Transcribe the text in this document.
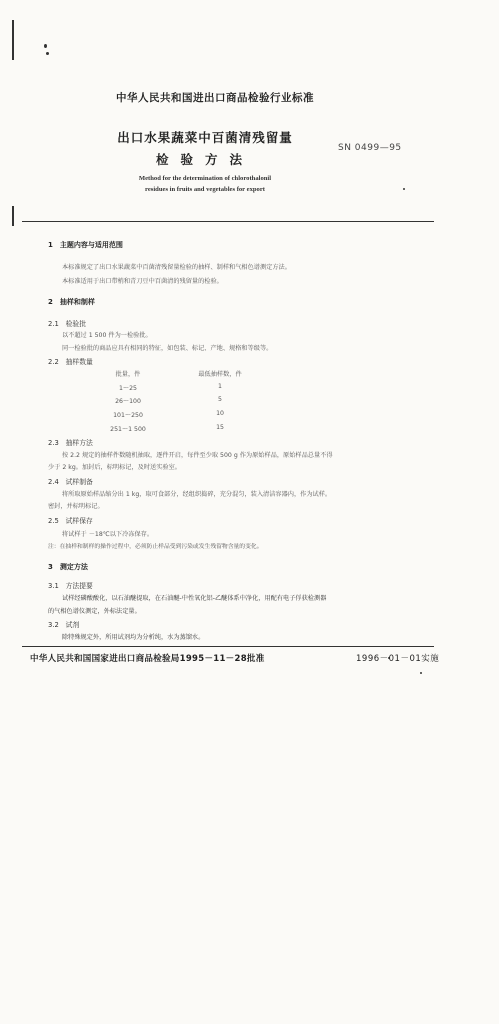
中华人民共和国进出口商品检验行业标准
出口水果蔬菜中百菌清残留量
检验方法
SN 0499—95
Method for the determination of chlorothalonil
residues in fruits and vegetables for export
1　主题内容与适用范围
本标准规定了出口水果蔬菜中百菌清残留量检验的抽样、制样和气相色谱测定方法。
本标准适用于出口带梢和青刀豆中百菌清的残留量的检验。
2　抽样和制样
2.1　检验批
以不超过 1 500 件为一检验批。
同一检验批的商品应具有相同的特征，如包装、标记、产地、规格和等级等。
2.2　抽样数量
批量，件	最低抽样数，件
1～25	1
26～100	5
101～250	10
251～1 500	15
2.3　抽样方法
按 2.2 规定的抽样件数随机抽取，逐件开启，每件至少取 500 g 作为原始样品，原始样品总量不得
少于 2 kg。加封后，标明标记，及时送实验室。
2.4　试样制备
将所取原始样品缩分出 1 kg，取可食部分，经组织捣碎，充分混匀，装入清洁容器内，作为试样。
密封，并标明标记。
2.5　试样保存
将试样于 －18℃以下冷冻保存。
注：在抽样和制样的操作过程中，必须防止样品受到污染或发生残留物含量的变化。
3　测定方法
3.1　方法提要
试样经磷酸酸化，以石油醚提取，在石油醚-中性氧化铝-乙醚体系中净化，用配有电子俘获检测器
的气相色谱仪测定，外标法定量。
3.2　试剂
除特殊规定外，所用试剂均为分析纯，水为蒸馏水。
中华人民共和国国家进出口商品检验局1995－11－28批准	1996－01－01实施
